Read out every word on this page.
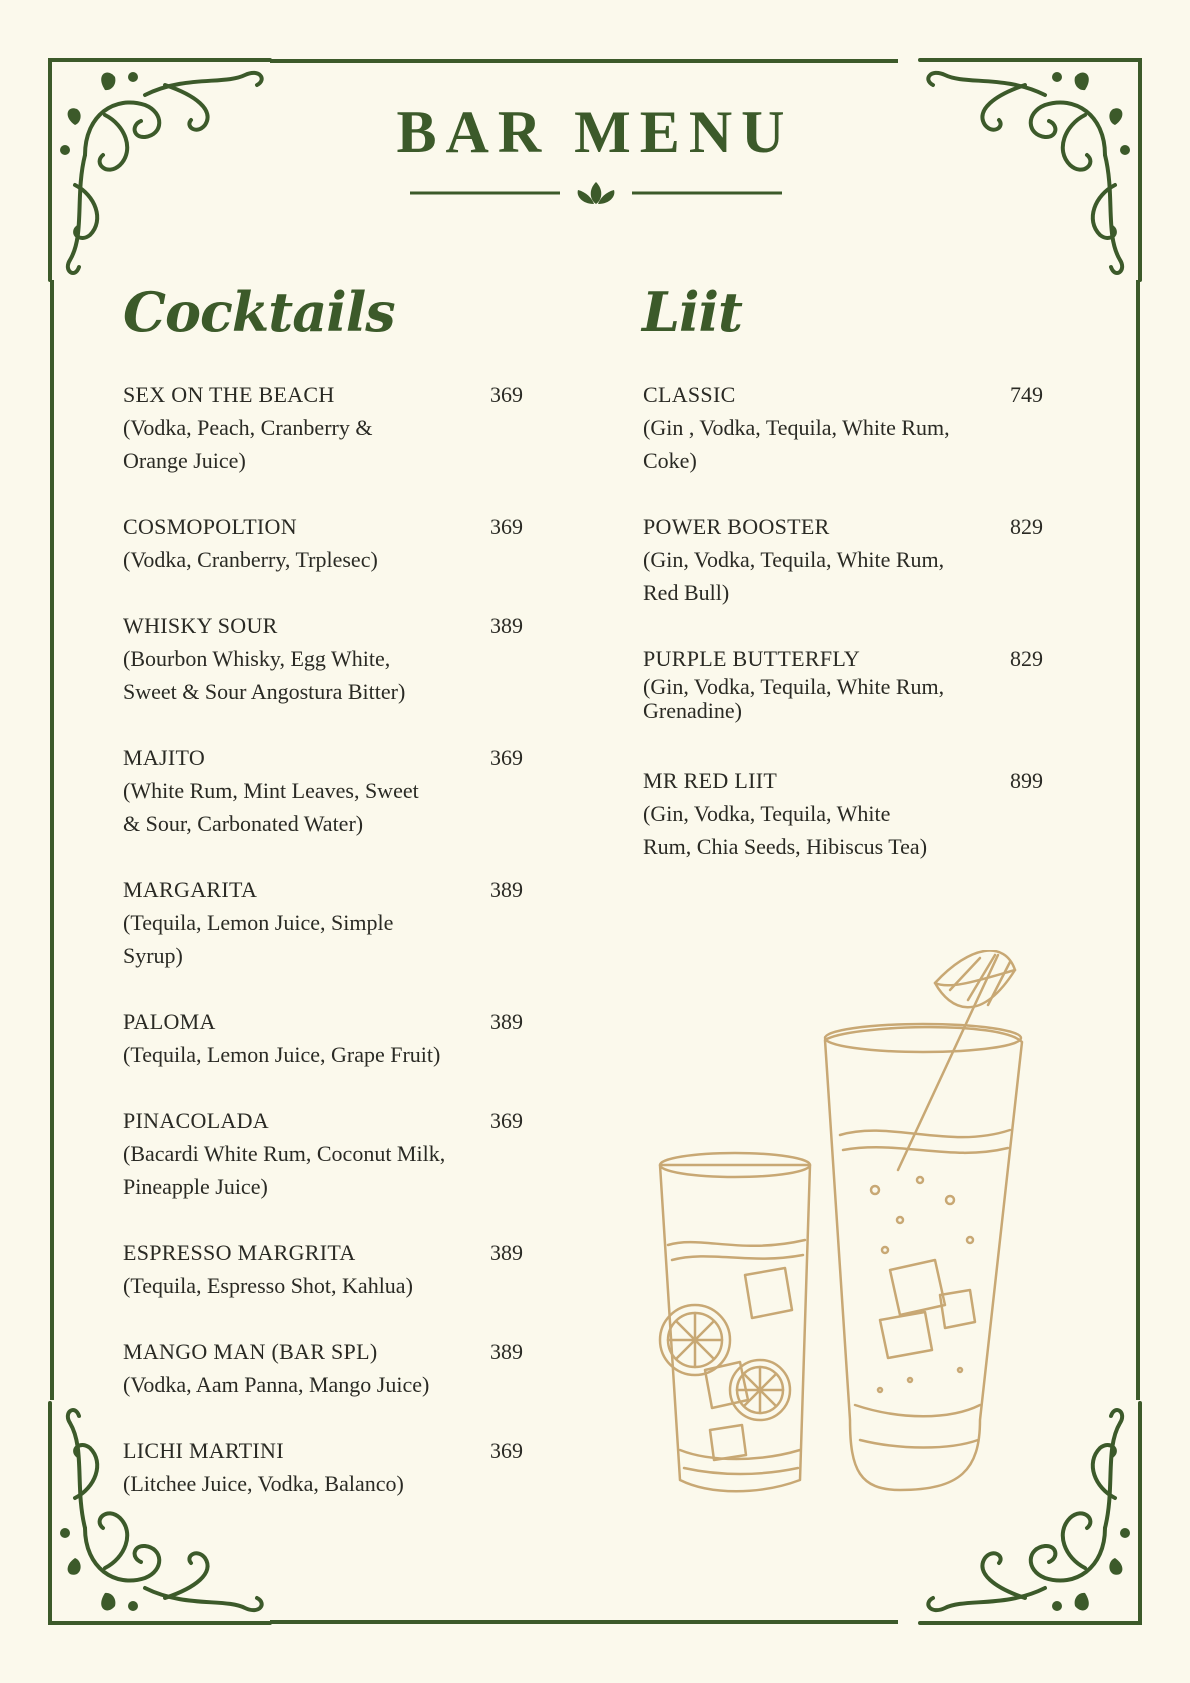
BAR MENU
Cocktails
SEX ON THE BEACH	369
(Vodka, Peach, Cranberry &
Orange Juice)
COSMOPOLTION	369
(Vodka, Cranberry, Trplesec)
WHISKY SOUR	389
(Bourbon Whisky, Egg White,
Sweet & Sour Angostura Bitter)
MAJITO	369
(White Rum, Mint Leaves, Sweet
& Sour, Carbonated Water)
MARGARITA	389
(Tequila, Lemon Juice, Simple
Syrup)
PALOMA	389
(Tequila, Lemon Juice, Grape Fruit)
PINACOLADA	369
(Bacardi White Rum, Coconut Milk,
Pineapple Juice)
ESPRESSO MARGRITA	389
(Tequila, Espresso Shot, Kahlua)
MANGO MAN (BAR SPL)	389
(Vodka, Aam Panna, Mango Juice)
LICHI MARTINI	369
(Litchee Juice, Vodka, Balanco)
Liit
CLASSIC	749
(Gin , Vodka, Tequila, White Rum,
Coke)
POWER BOOSTER	829
(Gin, Vodka, Tequila, White Rum,
Red Bull)
PURPLE BUTTERFLY	829
(Gin, Vodka, Tequila, White Rum,
Grenadine)
MR RED LIIT	899
(Gin, Vodka, Tequila, White
Rum, Chia Seeds, Hibiscus Tea)
